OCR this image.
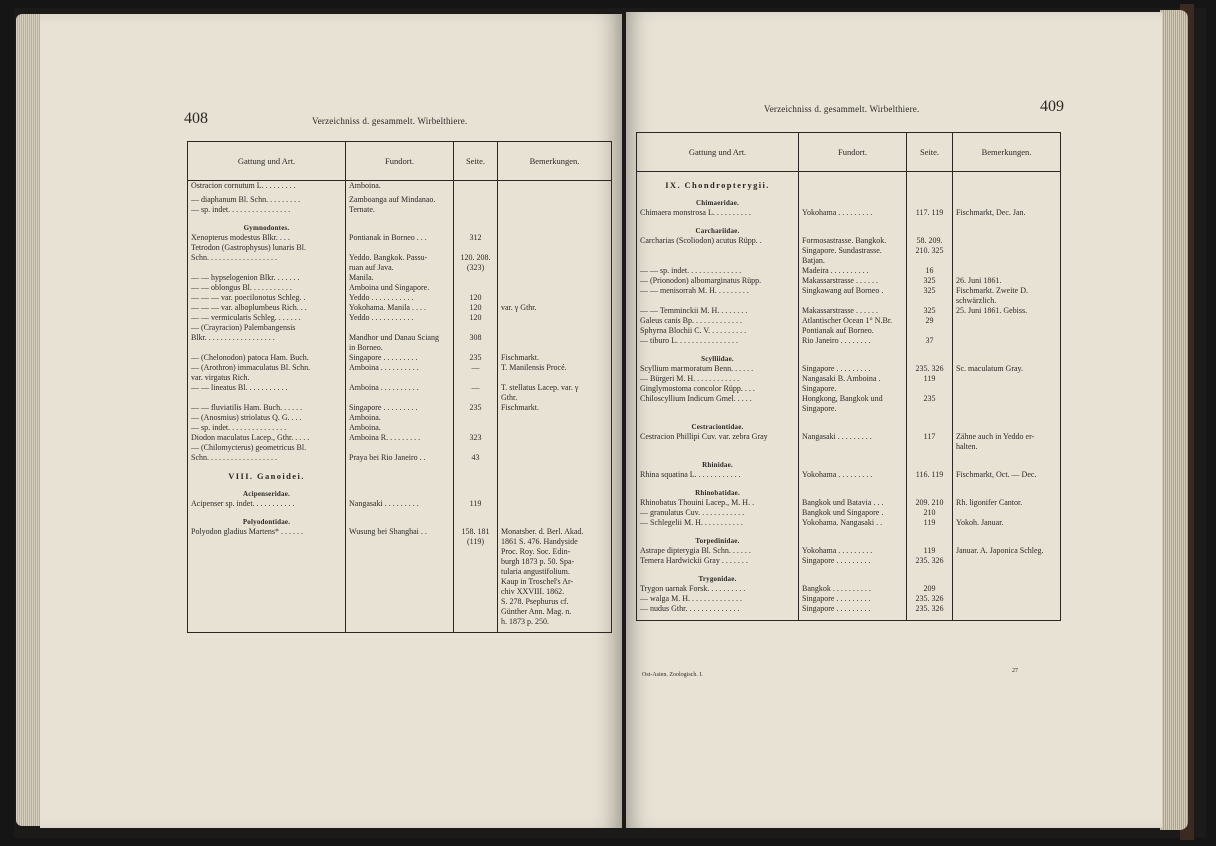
408	Verzeichniss d. gesammelt. Wirbelthiere.
Gattung und Art.	Fundort.	Seite.	Bemerkungen.
Ostracion cornutum L. . . . . . . . .	Amboina.		
— diaphanum Bl. Schn. . . . . . . . .	Zamboanga auf Mindanao.		
— sp. indet. . . . . . . . . . . . . . . .	Ternate.		
Gymnodontes.			
Xenopterus modestus Blkr. . . .	Pontianak in Borneo . . .	312	
Tetrodon (Gastrophysus) lunaris Bl.			
Schn. . . . . . . . . . . . . . . . . .	Yeddo. Bangkok. Passu-	120. 208.	
	ruan auf Java.	(323)	
— — hypselogenion Blkr. . . . . . .	Manila.		
— — oblongus Bl. . . . . . . . . . .	Amboina und Singapore.		
— — — var. poecilonotus Schleg. .	Yeddo . . . . . . . . . . .	120	
— — — var. alboplumbeus Rich. . .	Yokohama. Manila . . . .	120	var. γ Gthr.
— — vermicularis Schleg. . . . . . .	Yeddo . . . . . . . . . . .	120	
— (Crayracion) Palembangensis			
Blkr. . . . . . . . . . . . . . . . . .	Mandhor und Danau Sciang	308	
	in Borneo.		
— (Chelonodon) patoca Ham. Buch.	Singapore . . . . . . . . .	235	Fischmarkt.
— (Arothron) immaculatus Bl. Schn.	Amboina . . . . . . . . . .	—	T. Manilensis Procé.
var. virgatus Rich.			
— — lineatus Bl. . . . . . . . . . .	Amboina . . . . . . . . . .	—	T. stellatus Lacep. var. γ
			Gthr.
— — fluviatilis Ham. Buch. . . . . .	Singapore . . . . . . . . .	235	Fischmarkt.
— (Anosmius) striolatus Q. G. . . .	Amboina.		
— sp. indet. . . . . . . . . . . . . . .	Amboina.		
Diodon maculatus Lacep., Gthr. . . . .	Amboina R. . . . . . . . .	323	
— (Chilomycterus) geometricus Bl.			
Schn. . . . . . . . . . . . . . . . . .	Praya bei Rio Janeiro . .	43	
VIII. Ganoidei.			
Acipenseridae.			
Acipenser sp. indet. . . . . . . . . . .	Nangasaki . . . . . . . . .	119	
Polyodontidae.			
Polyodon gladius Martens* . . . . . .	Wusung bei Shanghai . .	158. 181	Monatsber. d. Berl. Akad.
		(119)	1861 S. 476. Handyside
			Proc. Roy. Soc. Edin-
			burgh 1873 p. 50. Spa-
			tularia angustifolium.
			Kaup in Troschel's Ar-
			chiv XXVIII. 1862.
			S. 278. Psephurus cf.
			Günther Ann. Mag. n.
			h. 1873 p. 250.

Verzeichniss d. gesammelt. Wirbelthiere.	409
Gattung und Art.	Fundort.	Seite.	Bemerkungen.
IX. Chondropterygii.			
Chimaeridae.			
Chimaera monstrosa L. . . . . . . . . .	Yokohama . . . . . . . . .	117. 119	Fischmarkt, Dec. Jan.
Carchariidae.			
Carcharias (Scoliodon) acutus Rüpp. .	Formosastrasse. Bangkok.	58. 209.	
	Singapore. Sundastrasse.	210. 325	
	Batjan.		
— — sp. indet. . . . . . . . . . . . . .	Madeira . . . . . . . . . .	16	
— (Prionodon) albomarginatus Rüpp.	Makassarstrasse . . . . . .	325	26. Juni 1861.
— — menisorrah M. H. . . . . . . . .	Singkawang auf Borneo .	325	Fischmarkt. Zweite D.
			schwärzlich.
— — Temminckii M. H. . . . . . . .	Makassarstrasse . . . . . .	325	25. Juni 1861. Gebiss.
Galeus canis Bp. . . . . . . . . . . . .	Atlantischer Ocean 1° N.Br.	29	
Sphyrna Blochii C. V. . . . . . . . . .	Pontianak auf Borneo.		
— tiburo L. . . . . . . . . . . . . . . .	Rio Janeiro . . . . . . . .	37	
Scylliidae.			
Scyllium marmoratum Benn. . . . . .	Singapore . . . . . . . . .	235. 326	Sc. maculatum Gray.
— Bürgeri M. H. . . . . . . . . . . .	Nangasaki B. Amboina .	119	
Ginglymostoma concolor Rüpp. . . .	Singapore.		
Chiloscyllium Indicum Gmel. . . . .	Hongkong, Bangkok und	235	
	Singapore.		
Cestraciontidae.			
Cestracion Phillipi Cuv. var. zebra Gray	Nangasaki . . . . . . . . .	117	Zähne auch in Yeddo er-
			halten.
Rhinidae.			
Rhina squatina L. . . . . . . . . . . .	Yokohama . . . . . . . . .	116. 119	Fischmarkt, Oct. — Dec.
Rhinobatidae.			
Rhinobatus Thouini Lacep., M. H. .	Bangkok und Batavia . . .	209. 210	Rh. ligonifer Cantor.
— granulatus Cuv. . . . . . . . . . . .	Bangkok und Singapore .	210	
— Schlegelii M. H. . . . . . . . . . .	Yokohama. Nangasaki . .	119	Yokoh. Januar.
Torpedinidae.			
Astrape dipterygia Bl. Schn. . . . . .	Yokohama . . . . . . . . .	119	Januar. A. Japonica Schleg.
Temera Hardwickii Gray . . . . . . .	Singapore . . . . . . . . .	235. 326	
Trygonidae.			
Trygon uarnak Forsk. . . . . . . . . .	Bangkok . . . . . . . . . .	209	
— walga M. H. . . . . . . . . . . . . .	Singapore . . . . . . . . .	235. 326	
— nudus Gthr. . . . . . . . . . . . . .	Singapore . . . . . . . . .	235. 326	

Ost-Asien. Zoologisch. I.
27
